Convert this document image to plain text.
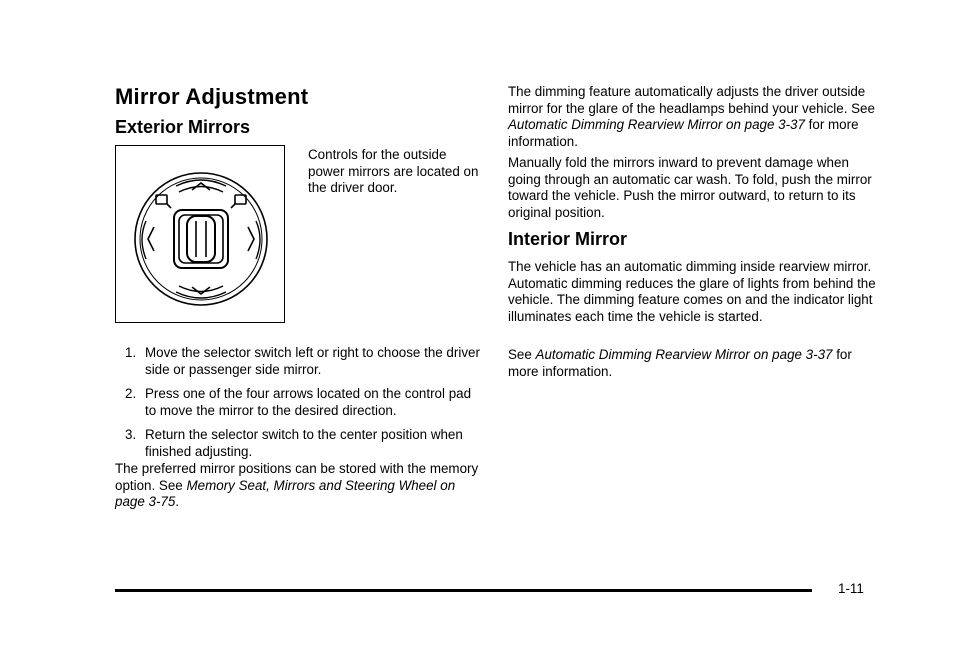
Mirror Adjustment
Exterior Mirrors
Controls for the outside power mirrors are located on the driver door.
1. Move the selector switch left or right to choose the driver side or passenger side mirror.
2. Press one of the four arrows located on the control pad to move the mirror to the desired direction.
3. Return the selector switch to the center position when finished adjusting.

The preferred mirror positions can be stored with the memory option. See Memory Seat, Mirrors and Steering Wheel on page 3-75.

The dimming feature automatically adjusts the driver outside mirror for the glare of the headlamps behind your vehicle. See Automatic Dimming Rearview Mirror on page 3-37 for more information.

Manually fold the mirrors inward to prevent damage when going through an automatic car wash. To fold, push the mirror toward the vehicle. Push the mirror outward, to return to its original position.

Interior Mirror

The vehicle has an automatic dimming inside rearview mirror. Automatic dimming reduces the glare of lights from behind the vehicle. The dimming feature comes on and the indicator light illuminates each time the vehicle is started.

See Automatic Dimming Rearview Mirror on page 3-37 for more information.

1-11
